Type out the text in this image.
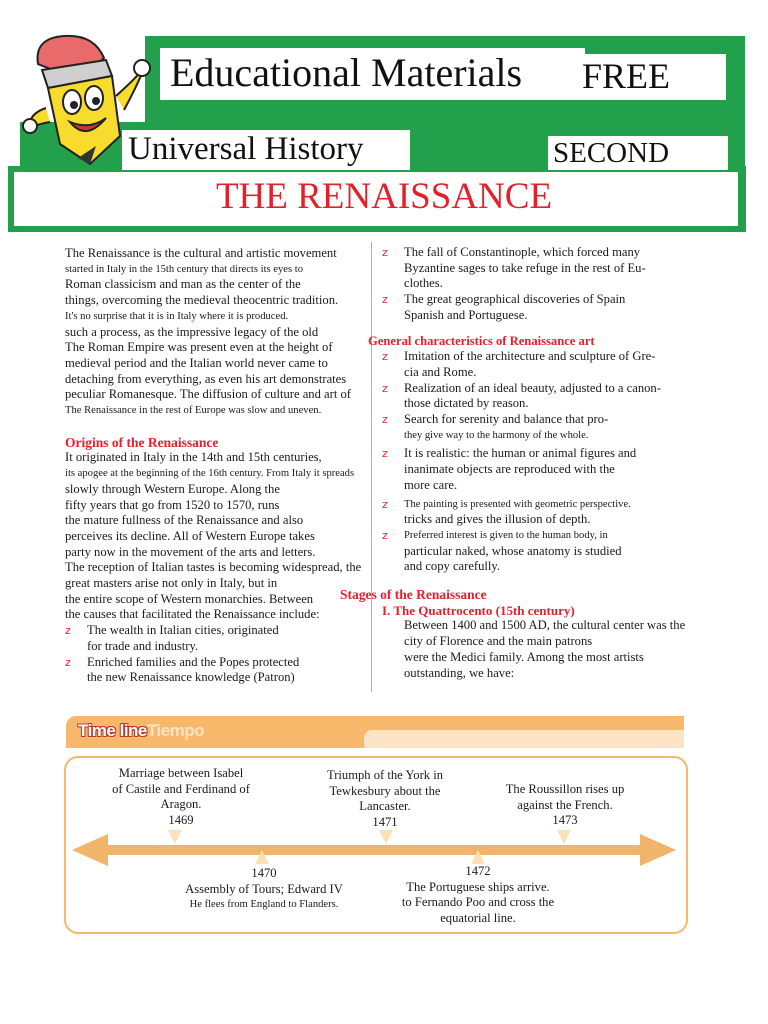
Educational Materials FREE
Universal History	SECOND
THE RENAISSANCE

The Renaissance is the cultural and artistic movement

started in Italy in the 15th century that directs its eyes to

Roman classicism and man as the center of the

things, overcoming the medieval theocentric tradition.

It's no surprise that it is in Italy where it is produced.

such a process, as the impressive legacy of the old

The Roman Empire was present even at the height of

medieval period and the Italian world never came to

detaching from everything, as even his art demonstrates

peculiar Romanesque. The diffusion of culture and art of

The Renaissance in the rest of Europe was slow and uneven.

Origins of the Renaissance

It originated in Italy in the 14th and 15th centuries,

its apogee at the beginning of the 16th century. From Italy it spreads

slowly through Western Europe. Along the

fifty years that go from 1520 to 1570, runs

the mature fullness of the Renaissance and also

perceives its decline. All of Western Europe takes

party now in the movement of the arts and letters.

The reception of Italian tastes is becoming widespread, the

great masters arise not only in Italy, but in

the entire scope of Western monarchies. Between

the causes that facilitated the Renaissance include:

z The wealth in Italian cities, originated

for trade and industry.

z Enriched families and the Popes protected

the new Renaissance knowledge (Patron)

z The fall of Constantinople, which forced many

Byzantine sages to take refuge in the rest of Eu-

clothes.

z The great geographical discoveries of Spain

Spanish and Portuguese.

General characteristics of Renaissance art

z Imitation of the architecture and sculpture of Gre-

cia and Rome.

z Realization of an ideal beauty, adjusted to a canon-

those dictated by reason.

z Search for serenity and balance that pro-

they give way to the harmony of the whole.

z It is realistic: the human or animal figures and

inanimate objects are reproduced with the

more care.

z The painting is presented with geometric perspective.

tricks and gives the illusion of depth.

z Preferred interest is given to the human body, in

particular naked, whose anatomy is studied

and copy carefully.

Stages of the Renaissance

I. The Quattrocento (15th century)

Between 1400 and 1500 AD, the cultural center was the

city of Florence and the main patrons

were the Medici family. Among the most artists

outstanding, we have:

Time lineTiempo
Marriage between Isabel
of Castile and Ferdinand of
Aragon.
1469
Triumph of the York in
Tewkesbury about the
Lancaster.
1471
The Roussillon rises up
against the French.
1473
1470
Assembly of Tours; Edward IV
He flees from England to Flanders.
1472
The Portuguese ships arrive.
to Fernando Poo and cross the
equatorial line.
